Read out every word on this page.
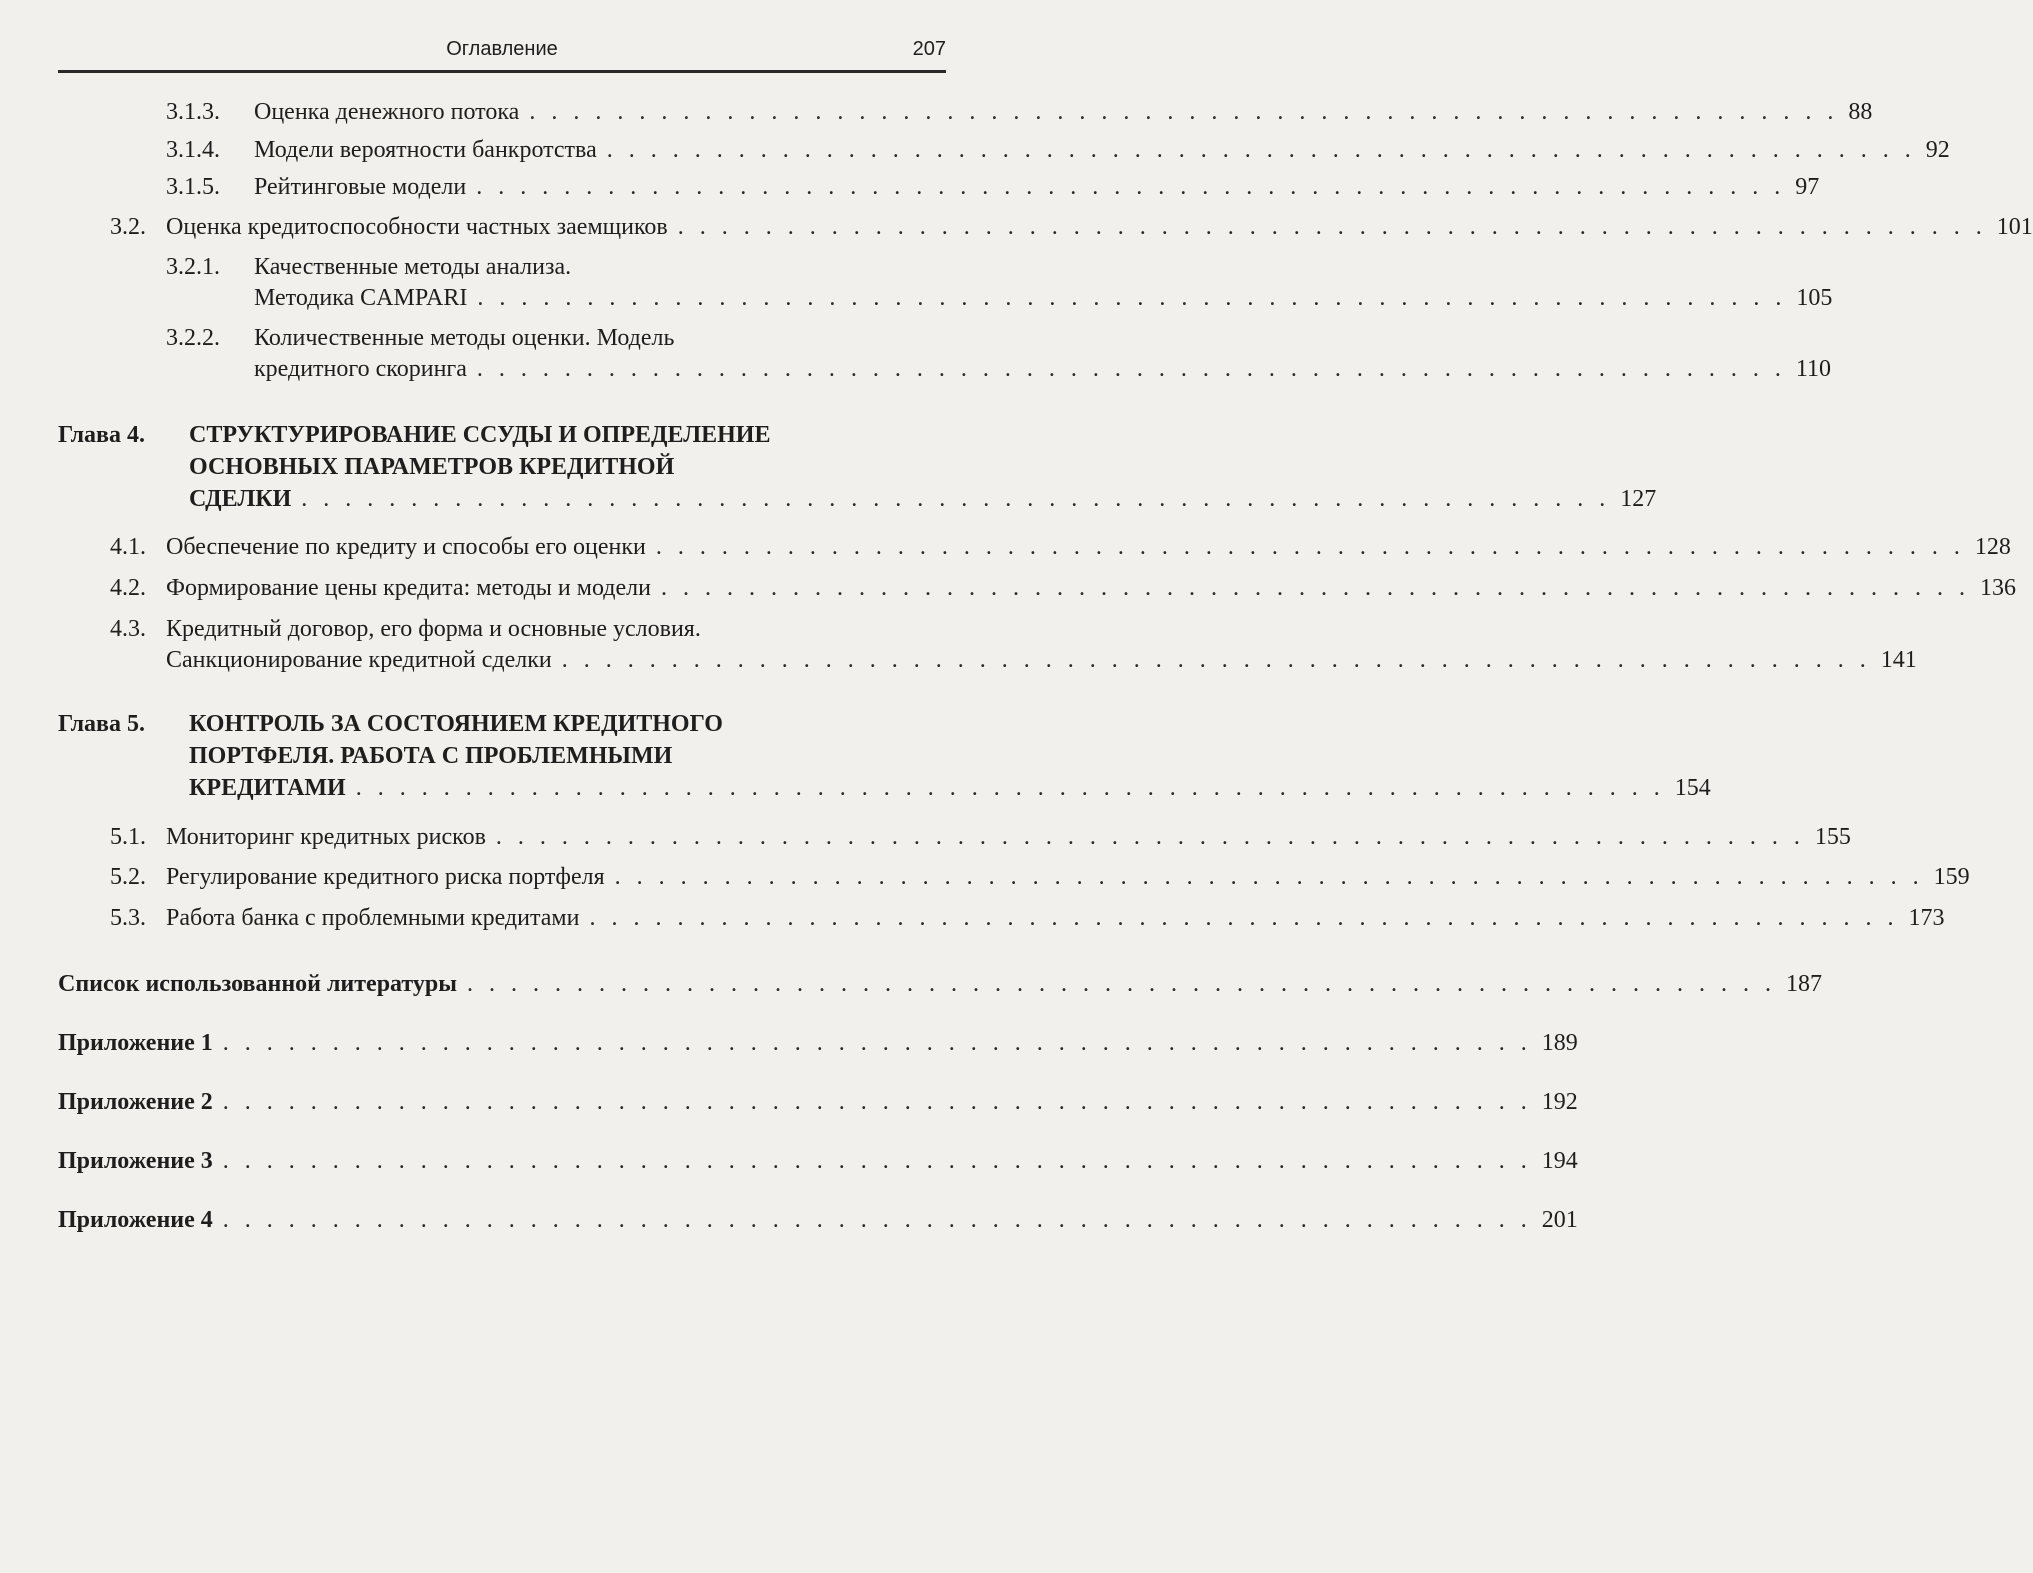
Оглавление	207
3.1.3. Оценка денежного потока . . . . . . . . . . . . . . . . . . . . . . . . . . . . . . . . . . . . . . . . . . . . . . . . . . . . . . . . . . . . 88
3.1.4. Модели вероятности банкротства . . . . . . . . . . . . . . . . . . . . . . . . . . . . . . . . . . . . . . . . . . . . . . . . . . . . . . . . . . . . 92
3.1.5. Рейтинговые модели . . . . . . . . . . . . . . . . . . . . . . . . . . . . . . . . . . . . . . . . . . . . . . . . . . . . . . . . . . . . 97
3.2. Оценка кредитоспособности частных заемщиков . . . . . . . . . . . . . . . . . . . . . . . . . . . . . . . . . . . . . . . . . . . . . . . . . . . . . . . . . . . . 101
3.2.1. Качественные методы анализа.
Методика CAMPARI . . . . . . . . . . . . . . . . . . . . . . . . . . . . . . . . . . . . . . . . . . . . . . . . . . . . . . . . . . . . 105
3.2.2. Количественные методы оценки. Модель
кредитного скоринга . . . . . . . . . . . . . . . . . . . . . . . . . . . . . . . . . . . . . . . . . . . . . . . . . . . . . . . . . . . . 110
Глава 4. СТРУКТУРИРОВАНИЕ ССУДЫ И ОПРЕДЕЛЕНИЕ
ОСНОВНЫХ ПАРАМЕТРОВ КРЕДИТНОЙ
СДЕЛКИ . . . . . . . . . . . . . . . . . . . . . . . . . . . . . . . . . . . . . . . . . . . . . . . . . . . . . . . . . . . . 127
4.1. Обеспечение по кредиту и способы его оценки . . . . . . . . . . . . . . . . . . . . . . . . . . . . . . . . . . . . . . . . . . . . . . . . . . . . . . . . . . . . 128
4.2. Формирование цены кредита: методы и модели . . . . . . . . . . . . . . . . . . . . . . . . . . . . . . . . . . . . . . . . . . . . . . . . . . . . . . . . . . . . 136
4.3. Кредитный договор, его форма и основные условия.
Санкционирование кредитной сделки . . . . . . . . . . . . . . . . . . . . . . . . . . . . . . . . . . . . . . . . . . . . . . . . . . . . . . . . . . . . 141
Глава 5. КОНТРОЛЬ ЗА СОСТОЯНИЕМ КРЕДИТНОГО
ПОРТФЕЛЯ. РАБОТА С ПРОБЛЕМНЫМИ
КРЕДИТАМИ . . . . . . . . . . . . . . . . . . . . . . . . . . . . . . . . . . . . . . . . . . . . . . . . . . . . . . . . . . . . 154
5.1. Мониторинг кредитных рисков . . . . . . . . . . . . . . . . . . . . . . . . . . . . . . . . . . . . . . . . . . . . . . . . . . . . . . . . . . . . 155
5.2. Регулирование кредитного риска портфеля . . . . . . . . . . . . . . . . . . . . . . . . . . . . . . . . . . . . . . . . . . . . . . . . . . . . . . . . . . . . 159
5.3. Работа банка с проблемными кредитами . . . . . . . . . . . . . . . . . . . . . . . . . . . . . . . . . . . . . . . . . . . . . . . . . . . . . . . . . . . . 173
Список использованной литературы . . . . . . . . . . . . . . . . . . . . . . . . . . . . . . . . . . . . . . . . . . . . . . . . . . . . . . . . . . . . 187
Приложение 1 . . . . . . . . . . . . . . . . . . . . . . . . . . . . . . . . . . . . . . . . . . . . . . . . . . . . . . . . . . . . 189
Приложение 2 . . . . . . . . . . . . . . . . . . . . . . . . . . . . . . . . . . . . . . . . . . . . . . . . . . . . . . . . . . . . 192
Приложение 3 . . . . . . . . . . . . . . . . . . . . . . . . . . . . . . . . . . . . . . . . . . . . . . . . . . . . . . . . . . . . 194
Приложение 4 . . . . . . . . . . . . . . . . . . . . . . . . . . . . . . . . . . . . . . . . . . . . . . . . . . . . . . . . . . . . 201
